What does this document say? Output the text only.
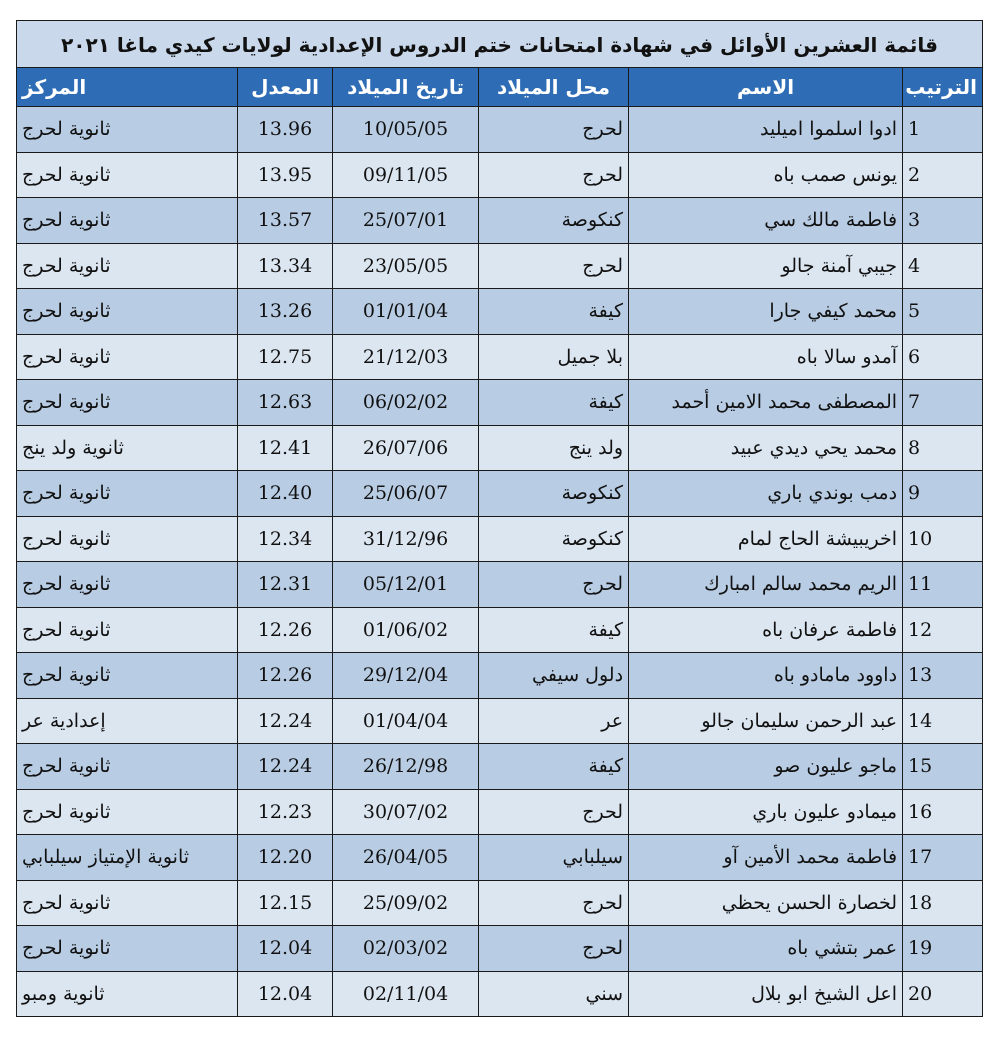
قائمة العشرين الأوائل في شهادة امتحانات ختم الدروس الإعدادية لولايات كيدي ماغا ٢٠٢١					
الترتيب	الاسم	محل الميلاد	تاريخ الميلاد	المعدل	المركز
1	ادوا اسلموا اميليد	لحرج	10/05/05	13.96	ثانوية لحرج
2	يونس صمب باه	لحرج	09/11/05	13.95	ثانوية لحرج
3	فاطمة مالك سي	كنكوصة	25/07/01	13.57	ثانوية لحرج
4	جيبي آمنة جالو	لحرج	23/05/05	13.34	ثانوية لحرج
5	محمد كيفي جارا	كيفة	01/01/04	13.26	ثانوية لحرج
6	آمدو سالا باه	بلا جميل	21/12/03	12.75	ثانوية لحرج
7	المصطفى محمد الامين أحمد	كيفة	06/02/02	12.63	ثانوية لحرج
8	محمد يحي ديدي عبيد	ولد ينج	26/07/06	12.41	ثانوية ولد ينج
9	دمب بوندي باري	كنكوصة	25/06/07	12.40	ثانوية لحرج
10	اخريبيشة الحاج لمام	كنكوصة	31/12/96	12.34	ثانوية لحرج
11	الريم محمد سالم امبارك	لحرج	05/12/01	12.31	ثانوية لحرج
12	فاطمة عرفان باه	كيفة	01/06/02	12.26	ثانوية لحرج
13	داوود مامادو باه	دلول سيفي	29/12/04	12.26	ثانوية لحرج
14	عبد الرحمن سليمان جالو	عر	01/04/04	12.24	إعدادية عر
15	ماجو عليون صو	كيفة	26/12/98	12.24	ثانوية لحرج
16	ميمادو عليون باري	لحرج	30/07/02	12.23	ثانوية لحرج
17	فاطمة محمد الأمين آو	سيلبابي	26/04/05	12.20	ثانوية الإمتياز سيلبابي
18	لخصارة الحسن يحظي	لحرج	25/09/02	12.15	ثانوية لحرج
19	عمر بتشي باه	لحرج	02/03/02	12.04	ثانوية لحرج
20	اعل الشيخ ابو بلال	سني	02/11/04	12.04	ثانوية ومبو
